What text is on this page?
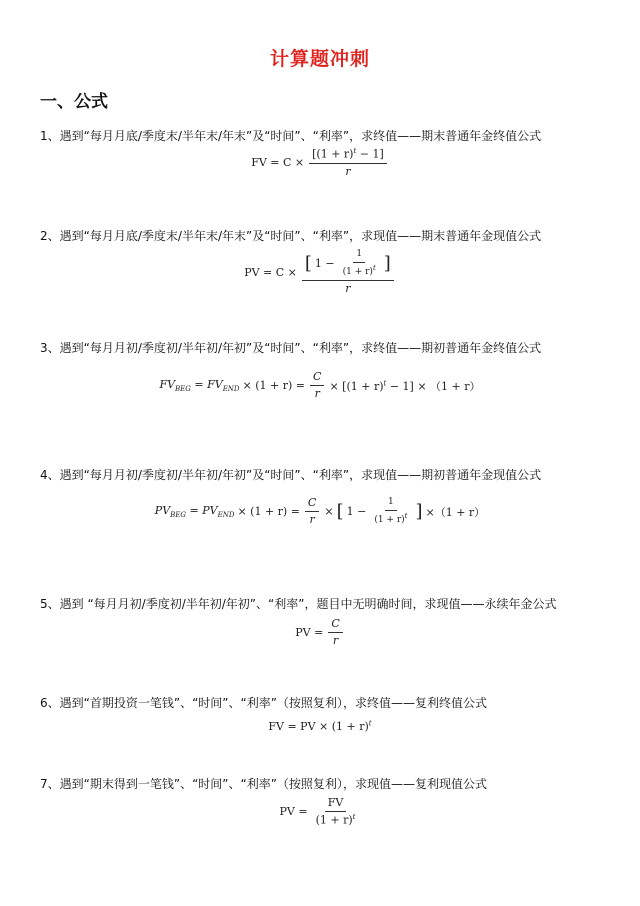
计算题冲刺
一、公式
1、遇到“每月月底/季度末/半年末/年末”及“时间”、“利率”，求终值——期末普通年金终值公式
FV = $C \times \frac{[(1 + r)^t - 1]}{r}$
2、遇到“每月月底/季度末/半年末/年末”及“时间”、“利率”，求现值——期末普通年金现值公式
PV = C × [ $1 - \frac{1}{(1 + r)^t}$ ]
r
3、遇到“每月月初/季度初/半年初/年初”及“时间”、“利率”，求终值——期初普通年金终值公式
$FV_{BEG} = FV_{END} \times (1 + r) = \frac{C}{r} \times [(1 + r)^t - 1] \times (1 + r)$
4、遇到“每月月初/季度初/半年初/年初”及“时间”、“利率”，求现值——期初普通年金现值公式
$PV_{BEG} = PV_{END} \times (1 + r) = \frac{C}{r}$ × [ $1 - \frac{1}{(1 + r)^t}$ ] ×（1 + r）
5、遇到 “每月月初/季度初/半年初/年初”、“利率”，题目中无明确时间，求现值——永续年金公式
PV = $\frac{C}{r}$
6、遇到“首期投资一笔钱”、“时间”、“利率”（按照复利），求终值——复利终值公式
FV = PV × $(1 + r)^t$
7、遇到“期末得到一笔钱”、“时间”、“利率”（按照复利），求现值——复利现值公式
PV = $\frac{FV}{(1 + r)^t}$
